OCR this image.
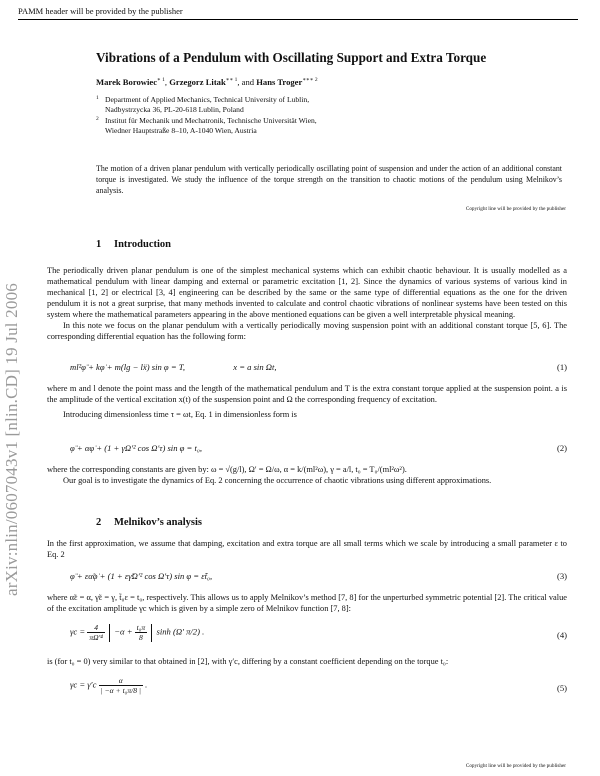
PAMM header will be provided by the publisher
arXiv:nlin/0607043v1 [nlin.CD] 19 Jul 2006
Vibrations of a Pendulum with Oscillating Support and Extra Torque
Marek Borowiec$^{∗ 1}$, Grzegorz Litak$^{∗∗ 1}$, and Hans Troger$^{∗∗∗ 2}$
1 Department of Applied Mechanics, Technical University of Lublin,
Nadbystrzycka 36, PL-20-618 Lublin, Poland
2 Institut für Mechanik und Mechatronik, Technische Universität Wien,
Wiedner Hauptstraße 8–10, A-1040 Wien, Austria
The motion of a driven planar pendulum with vertically periodically oscillating point of suspension and under the action of an additional constant torque is investigated. We study the influence of the torque strength on the transition to chaotic motions of the pendulum using Melnikov’s analysis.
Copyright line will be provided by the publisher
1 Introduction

The periodically driven planar pendulum is one of the simplest mechanical systems which can exhibit chaotic behaviour. It is usually modelled as a mathematical pendulum with linear damping and external or parametric excitation [1, 2]. Since the dynamics of various systems of various kind in mechanical [1, 2] or electrical [3, 4] engineering can be described by the same or the same type of differential equations as the one for the driven pendulum it is not a great surprise, that many methods invented to calculate and control chaotic vibrations of nonlinear systems have been tested on this system where the mathematical parameters appearing in the above mentioned equations can be given a well interpretable physical meaning.

In this note we focus on the planar pendulum with a vertically periodically moving suspension point with an additional constant torque [5, 6]. The corresponding differential equation has the following form:

ml²φ̈ + kφ̇ + m(lg − lẍ) sin φ = T,	x = a sin Ωt,	(1)

where m and l denote the point mass and the length of the mathematical pendulum and T is the extra constant torque applied at the suspension point. a is the amplitude of the vertical excitation x(t) of the suspension point and Ω the corresponding frequency of excitation.

Introducing dimensionless time τ = ωt, Eq. 1 in dimensionless form is

φ̈ + αφ̇ + (1 + γΩ′² cos Ω′τ) sin φ = t₀,	(2)

where the corresponding constants are given by: ω = √(g/l), Ω′ = Ω/ω, α = k/(ml²ω), γ = a/l, t₀ = T₀/(ml²ω²).

Our goal is to investigate the dynamics of Eq. 2 concerning the occurrence of chaotic vibrations using different approximations.

2 Melnikov’s analysis

In the first approximation, we assume that damping, excitation and extra torque are all small terms which we scale by introducing a small parameter ε to Eq. 2

φ̈ + εα̃φ̇ + (1 + εγ̃Ω′² cos Ω′τ) sin φ = εt̃₀,	(3)

where α̃ε = α, γ̃ε = γ, t̃₀ε = t₀, respectively. This allows us to apply Melnikov’s method [7, 8] for the unperturbed symmetric potential [2]. The critical value of the excitation amplitude γc which is given by a simple zero of Melnikov function [7, 8]:

$\gamma c = \frac{4}{\text{πΩ′⁴}} -\alpha + \frac{\text{t₀π}}{8}$ sinh (Ω′ π/2) .	(4)

is (for t₀ = 0) very similar to that obtained in [2], with γ′c, differing by a constant coefficient depending on the torque t₀:

$\gamma c = \gamma'c \frac{\alpha}{\text{| −α + t₀π/8 |}}$ .	(5)
Copyright line will be provided by the publisher
